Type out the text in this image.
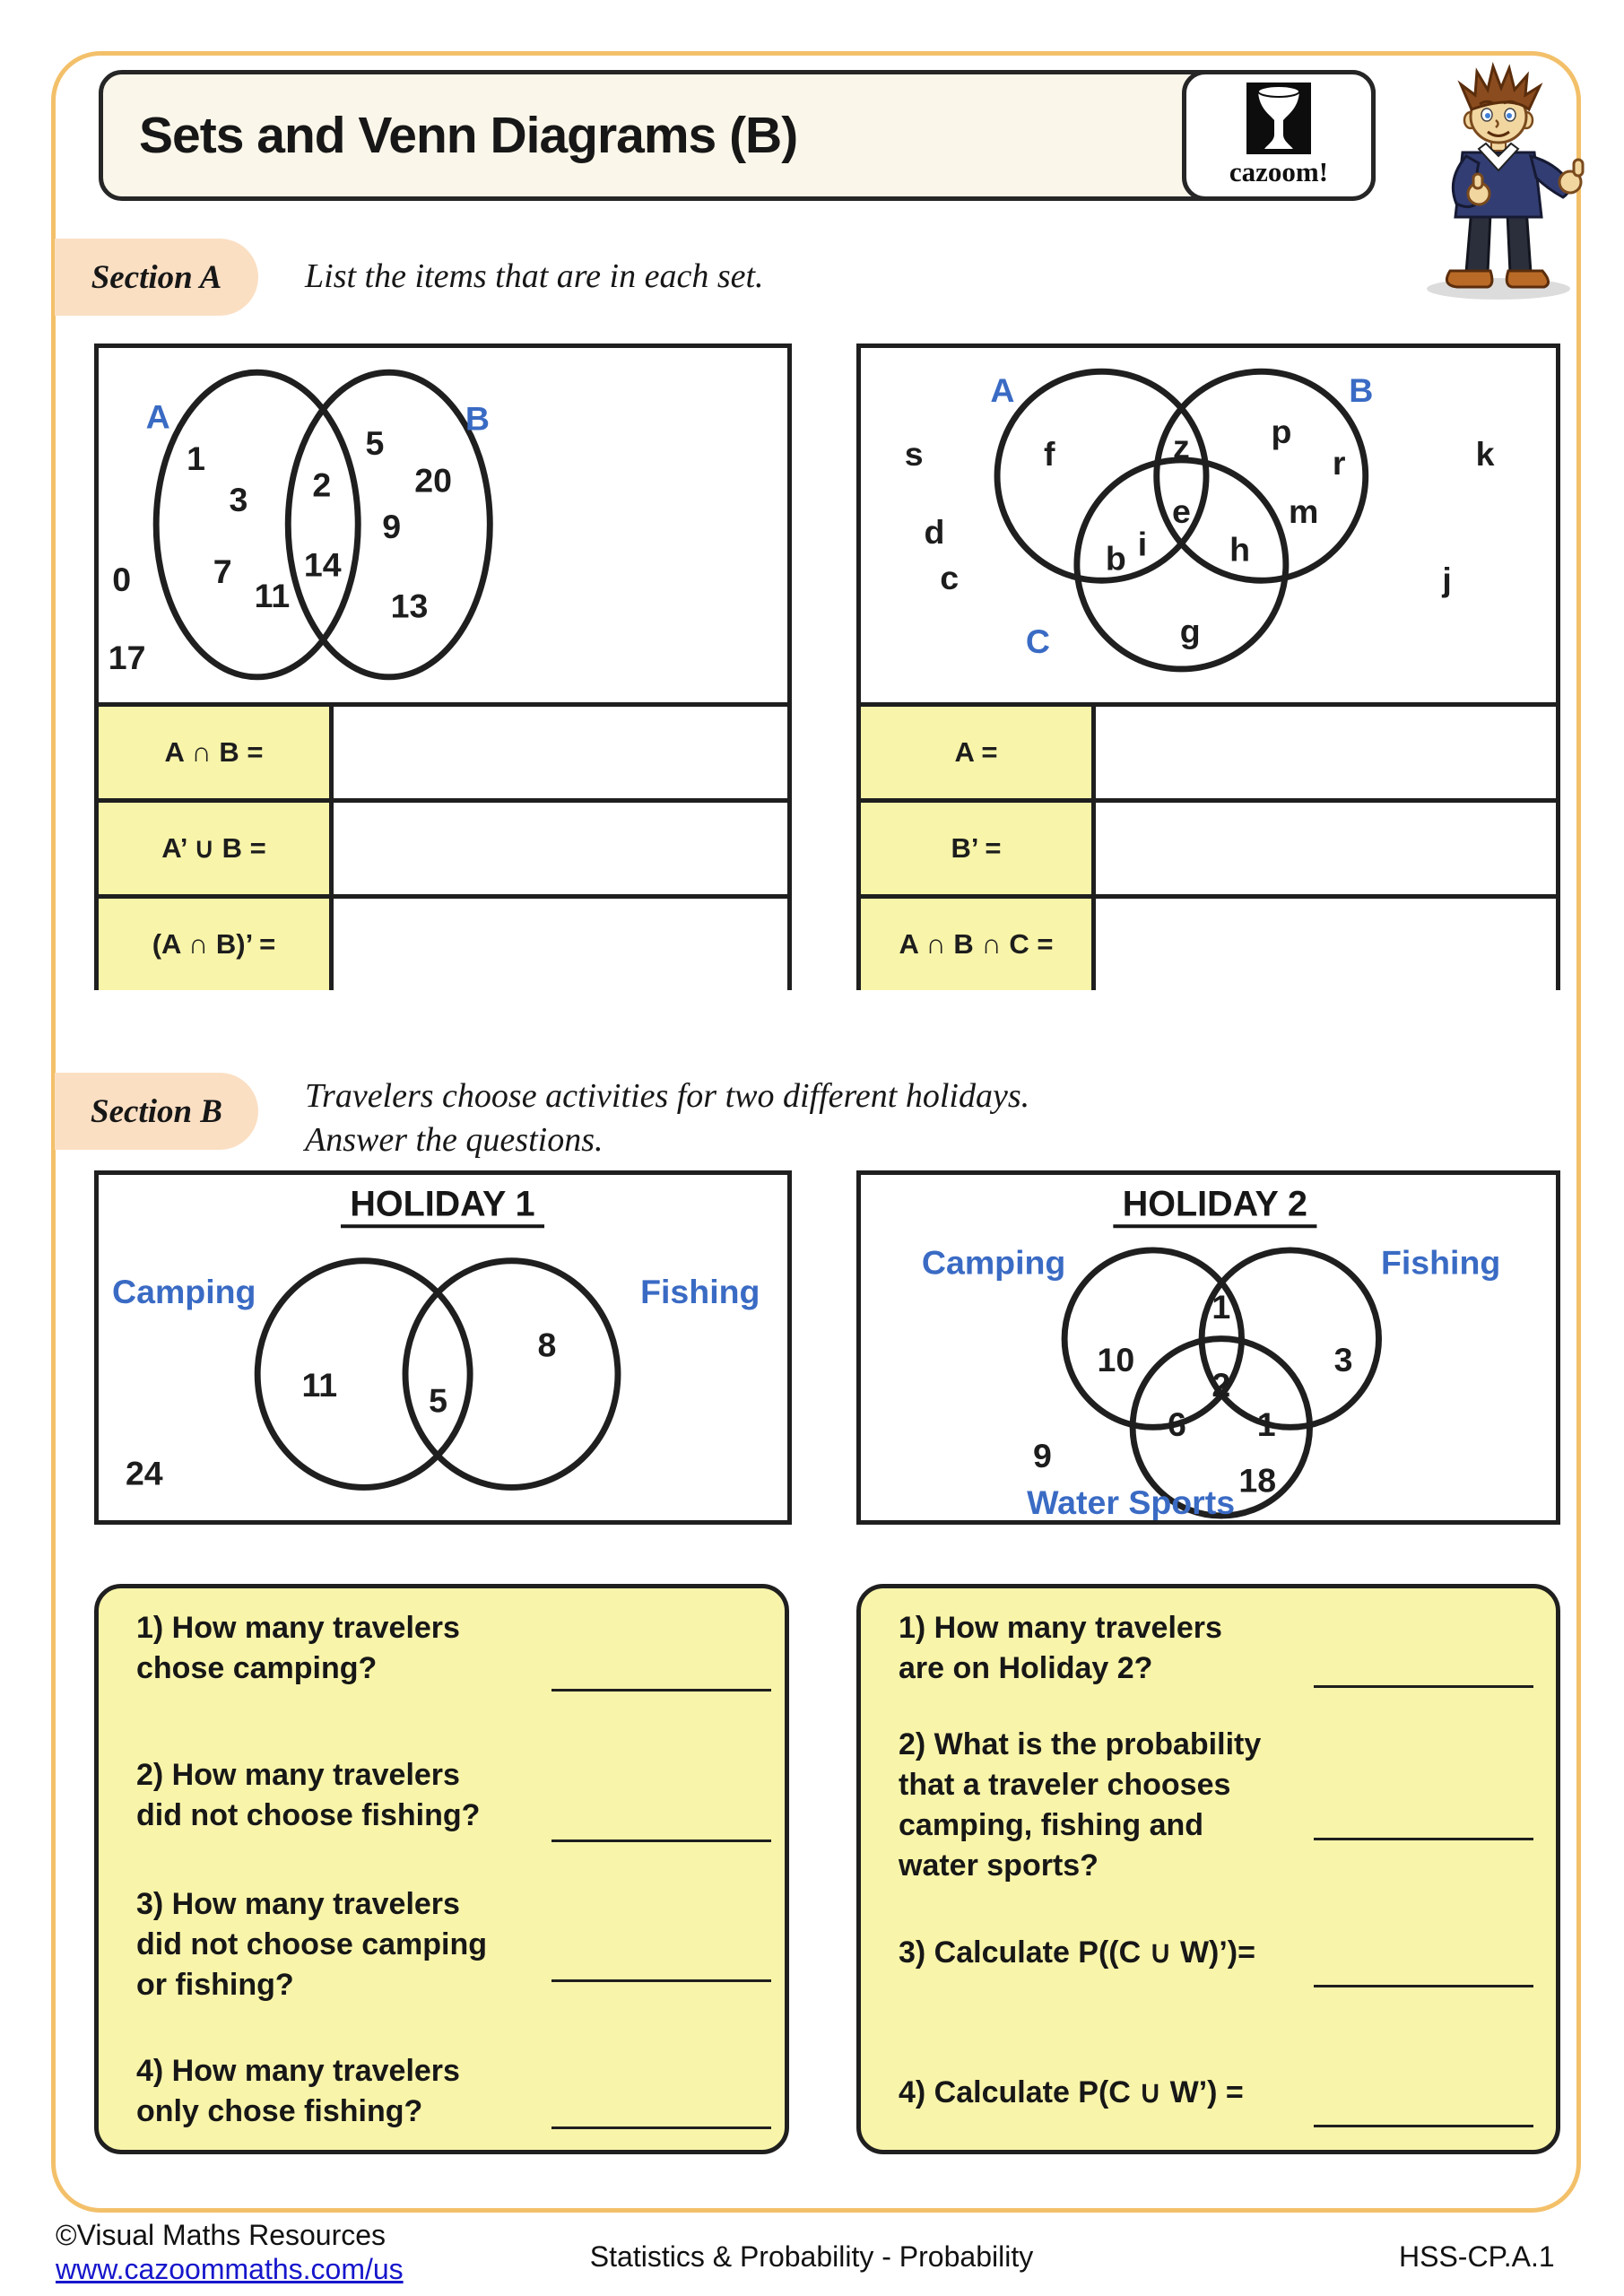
Sets and Venn Diagrams (B)
cazoom!
Section A List the items that are in each set.
A	B
1
3
7
11
2
14
5
20
9
13
0
17
A ∩ B =
A’ ∪ B =
(A ∩ B)’ =
A	B
C
f	z p
r
m
b i
e
h
g
s
d
c
k
j
A =
B’ =
A ∩ B ∩ C =
Section B Travelers choose activities for two different holidays.
Answer the questions.
HOLIDAY 1
Camping	Fishing
11	5
8
24
HOLIDAY 2
Camping	Fishing
Water Sports
10
1
3
2
6 1
18
9
1) How many travelers
chose camping?
2) How many travelers
did not choose fishing?
3) How many travelers
did not choose camping
or fishing?
4) How many travelers
only chose fishing?
1) How many travelers
are on Holiday 2?
2) What is the probability
that a traveler chooses
camping, fishing and
water sports?
3) Calculate P((C ∪ W)’)=
4) Calculate P(C ∪ W’) =
©Visual Maths Resources
www.cazoommaths.com/us	Statistics & Probability - Probability	HSS-CP.A.1
